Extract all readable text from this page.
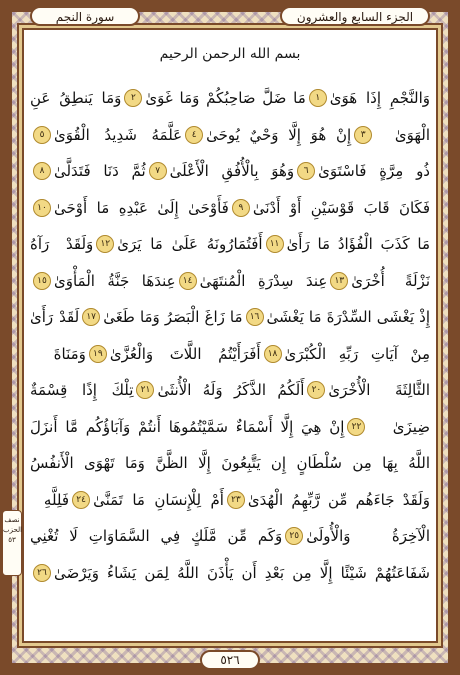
الجزء السابع والعشرون
سورة النجم
بسم الله الرحمن الرحيم
وَالنَّجْمِ إِذَا هَوَىٰ
١
مَا ضَلَّ صَاحِبُكُمْ وَمَا غَوَىٰ
٢
وَمَا يَنطِقُ عَنِ
الْهَوَىٰ
٣
إِنْ هُوَ إِلَّا وَحْيٌ يُوحَىٰ
٤
عَلَّمَهُ شَدِيدُ الْقُوَىٰ
٥
ذُو مِرَّةٍ فَاسْتَوَىٰ
٦
وَهُوَ بِالْأُفُقِ الْأَعْلَىٰ
٧
ثُمَّ دَنَا فَتَدَلَّىٰ
٨
فَكَانَ قَابَ قَوْسَيْنِ أَوْ أَدْنَىٰ
٩
فَأَوْحَىٰ إِلَىٰ عَبْدِهِ مَا أَوْحَىٰ
١٠
مَا كَذَبَ الْفُؤَادُ مَا رَأَىٰ
١١
أَفَتُمَارُونَهُ عَلَىٰ مَا يَرَىٰ
١٢
وَلَقَدْ رَآهُ
نَزْلَةً أُخْرَىٰ
١٣
عِندَ سِدْرَةِ الْمُنتَهَىٰ
١٤
عِندَهَا جَنَّةُ الْمَأْوَىٰ
١٥
إِذْ يَغْشَى السِّدْرَةَ مَا يَغْشَىٰ
١٦
مَا زَاغَ الْبَصَرُ وَمَا طَغَىٰ
١٧
لَقَدْ رَأَىٰ
مِنْ آيَاتِ رَبِّهِ الْكُبْرَىٰ
١٨
أَفَرَأَيْتُمُ اللَّاتَ وَالْعُزَّىٰ
١٩
وَمَنَاةَ
الثَّالِثَةَ الْأُخْرَىٰ
٢٠
أَلَكُمُ الذَّكَرُ وَلَهُ الْأُنثَىٰ
٢١
تِلْكَ إِذًا قِسْمَةٌ
ضِيزَىٰ
٢٢
إِنْ هِيَ إِلَّا أَسْمَاءٌ سَمَّيْتُمُوهَا أَنتُمْ وَآبَاؤُكُم مَّا أَنزَلَ
اللَّهُ بِهَا مِن سُلْطَانٍ إِن يَتَّبِعُونَ إِلَّا الظَّنَّ وَمَا تَهْوَى الْأَنفُسُ
وَلَقَدْ جَاءَهُم مِّن رَّبِّهِمُ الْهُدَىٰ
٢٣
أَمْ لِلْإِنسَانِ مَا تَمَنَّىٰ
٢٤
فَلِلَّهِ
الْآخِرَةُ وَالْأُولَىٰ
٢٥
وَكَم مِّن مَّلَكٍ فِي السَّمَاوَاتِ لَا تُغْنِي
شَفَاعَتُهُمْ شَيْئًا إِلَّا مِن بَعْدِ أَن يَأْذَنَ اللَّهُ لِمَن يَشَاءُ وَيَرْضَىٰ
٢٦
نصف
الحزب
٥٣
٥٢٦
